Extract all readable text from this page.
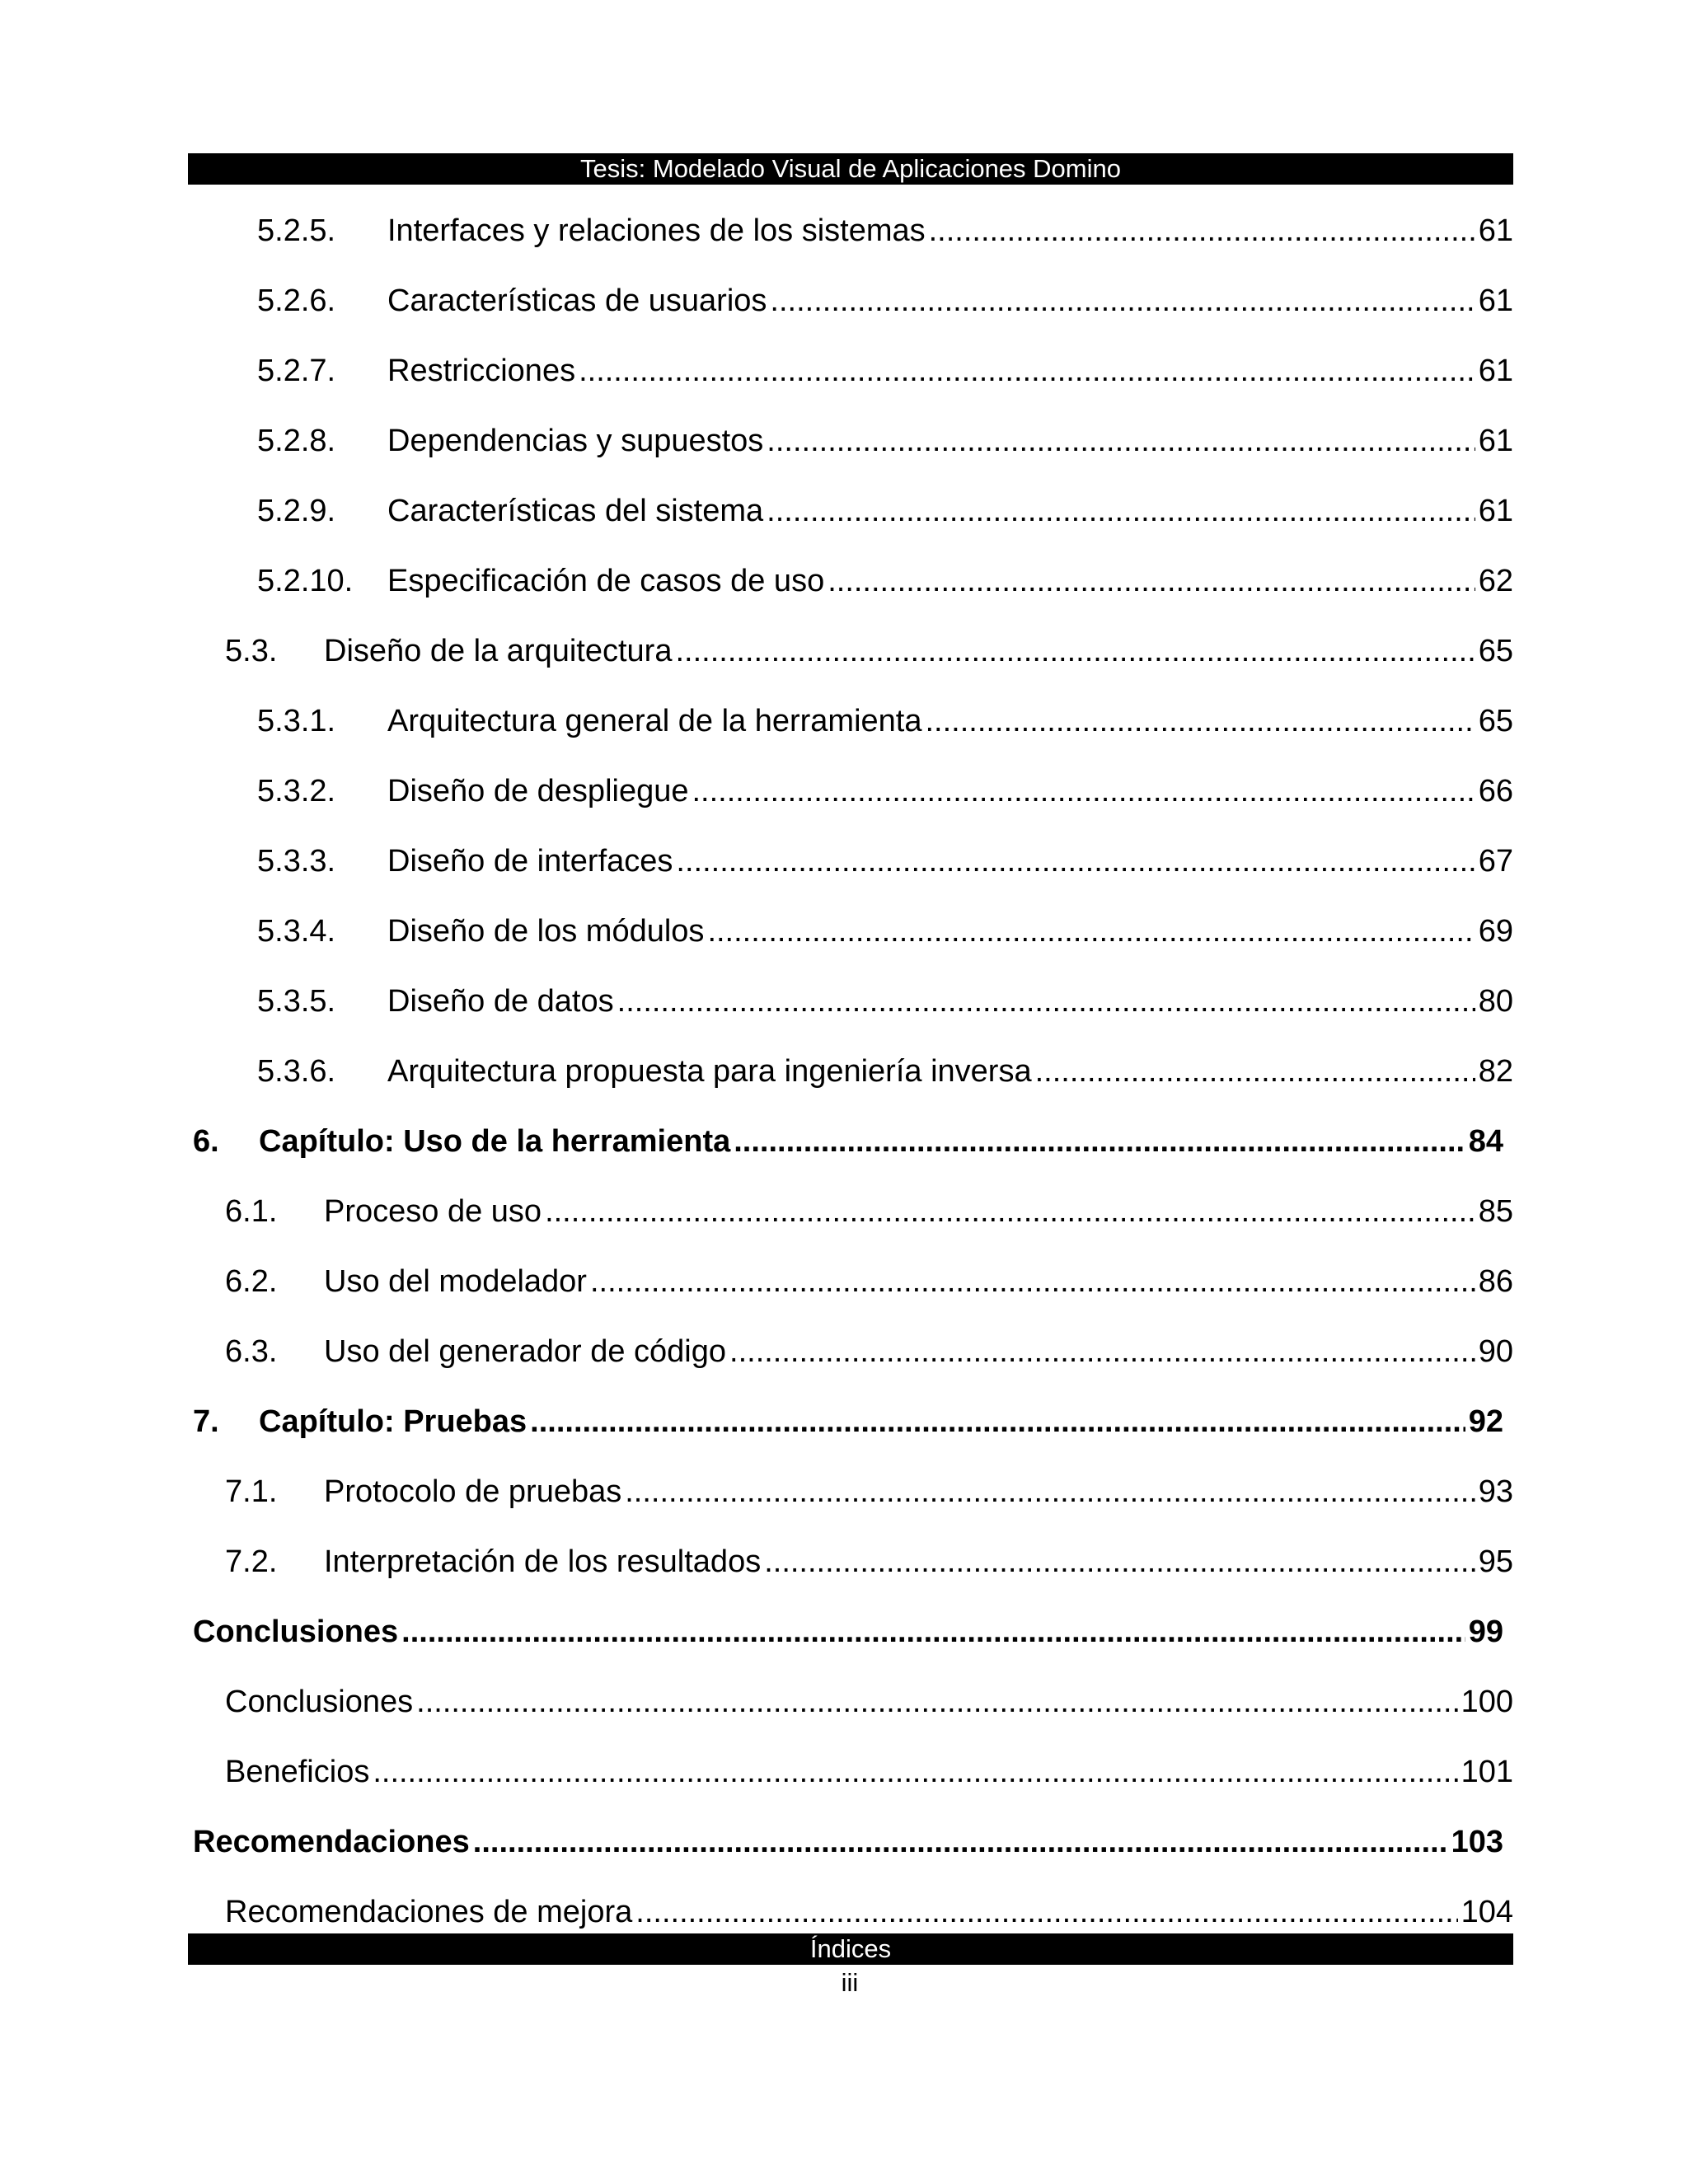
Tesis: Modelado Visual de Aplicaciones Domino
5.2.5.	Interfaces y relaciones de los sistemas .....	61
5.2.6.	Características de usuarios .....	61
5.2.7.	Restricciones .....	61
5.2.8.	Dependencias y supuestos .....	61
5.2.9.	Características del sistema .....	61
5.2.10.	Especificación de casos de uso .....	62
5.3.	Diseño de la arquitectura .....	65
5.3.1.	Arquitectura general de la herramienta .....	65
5.3.2.	Diseño de despliegue .....	66
5.3.3.	Diseño de interfaces .....	67
5.3.4.	Diseño de los módulos .....	69
5.3.5.	Diseño de datos .....	80
5.3.6.	Arquitectura propuesta para ingeniería inversa .....	82
6.	Capítulo: Uso de la herramienta .....	84
6.1.	Proceso de uso .....	85
6.2.	Uso del modelador .....	86
6.3.	Uso del generador de código .....	90
7.	Capítulo: Pruebas .....	92
7.1.	Protocolo de pruebas .....	93
7.2.	Interpretación de los resultados .....	95
Conclusiones .....	99
Conclusiones .....	100
Beneficios .....	101
Recomendaciones .....	103
Recomendaciones de mejora .....	104
Índices
iii
